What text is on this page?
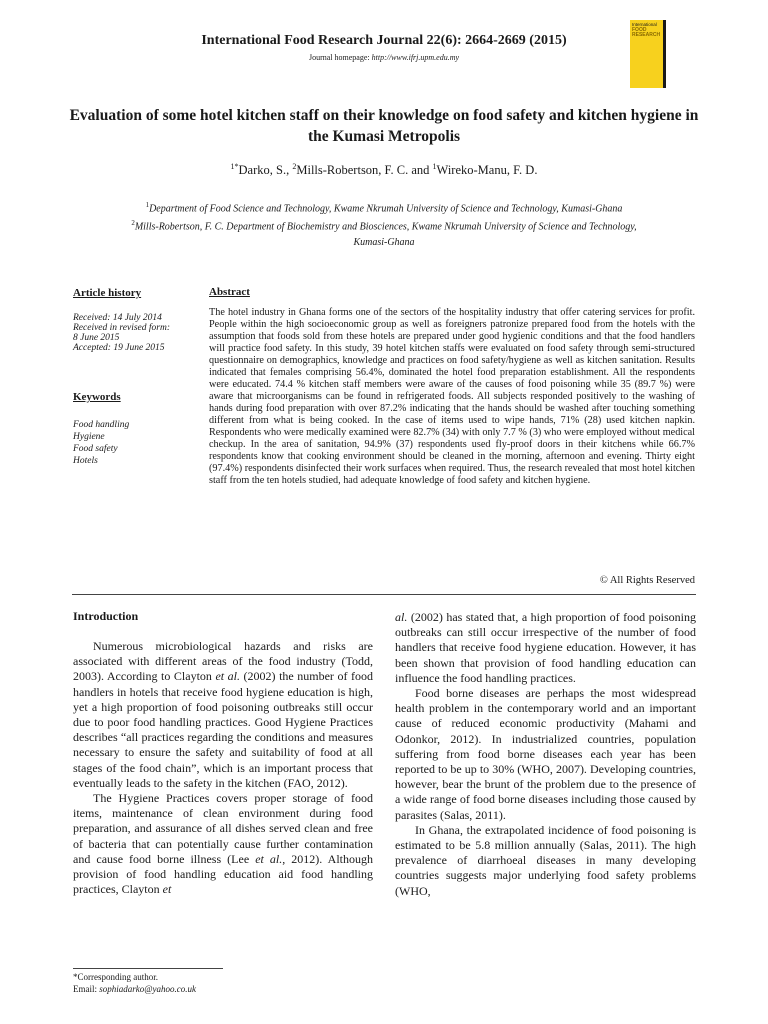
International Food Research Journal 22(6): 2664-2669 (2015)
Journal homepage: http://www.ifrj.upm.edu.my
International
FOOD RESEARCH
Evaluation of some hotel kitchen staff on their knowledge on food safety and kitchen hygiene in the Kumasi Metropolis
$^{1*}$Darko, S., $^2$Mills-Robertson, F. C. and $^1$Wireko-Manu, F. D.
$^1$Department of Food Science and Technology, Kwame Nkrumah University of Science and Technology, Kumasi-Ghana
$^2$Mills-Robertson, F. C. Department of Biochemistry and Biosciences, Kwame Nkrumah University of Science and Technology, Kumasi-Ghana
Article history
Received: 14 July 2014
Received in revised form:
8 June 2015
Accepted: 19 June 2015
Keywords
Food handling
Hygiene
Food safety
Hotels
Abstract
The hotel industry in Ghana forms one of the sectors of the hospitality industry that offer catering services for profit. People within the high socioeconomic group as well as foreigners patronize prepared food from the hotels with the assumption that foods sold from these hotels are prepared under good hygienic conditions and that the food handlers will practice food safety. In this study, 39 hotel kitchen staffs were evaluated on food safety through semi-structured questionnaire on demographics, knowledge and practices on food safety/hygiene as well as kitchen sanitation. Results indicated that females comprising 56.4%, dominated the hotel food preparation establishment. All the respondents were educated. 74.4 % kitchen staff members were aware of the causes of food poisoning while 35 (89.7 %) were aware that microorganisms can be found in refrigerated foods. All subjects responded positively to the washing of hands during food preparation with over 87.2% indicating that the hands should be washed after touching something different from what is being cooked. In the case of items used to wipe hands, 71% (28) used kitchen napkin. Respondents who were medically examined were 82.7% (34) with only 7.7 % (3) who were employed without medical checkup. In the area of sanitation, 94.9% (37) respondents used fly-proof doors in their kitchens while 66.7% respondents know that cooking environment should be cleaned in the morning, afternoon and evening. Thirty eight (97.4%) respondents disinfected their work surfaces when required. Thus, the research revealed that most hotel kitchen staff from the ten hotels studied, had adequate knowledge of food safety and kitchen hygiene.
© All Rights Reserved
Introduction

Numerous microbiological hazards and risks are associated with different areas of the food industry (Todd, 2003). According to Clayton et al. (2002) the number of food handlers in hotels that receive food hygiene education is high, yet a high proportion of food poisoning outbreaks still occur due to poor food handling practices. Good Hygiene Practices describes “all practices regarding the conditions and measures necessary to ensure the safety and suitability of food at all stages of the food chain”, which is an important process that eventually leads to the safety in the kitchen (FAO, 2012).

The Hygiene Practices covers proper storage of food items, maintenance of clean environment during food preparation, and assurance of all dishes served clean and free of bacteria that can potentially cause further contamination and cause food borne illness (Lee et al., 2012). Although provision of food handling education aid food handling practices, Clayton et

al. (2002) has stated that, a high proportion of food poisoning outbreaks can still occur irrespective of the number of food handlers that receive food hygiene education. However, it has been shown that provision of food handling education can influence the food handling practices.

Food borne diseases are perhaps the most widespread health problem in the contemporary world and an important cause of reduced economic productivity (Mahami and Odonkor, 2012). In industrialized countries, population suffering from food borne diseases each year has been reported to be up to 30% (WHO, 2007). Developing countries, however, bear the brunt of the problem due to the presence of a wide range of food borne diseases including those caused by parasites (Salas, 2011).

In Ghana, the extrapolated incidence of food poisoning is estimated to be 5.8 million annually (Salas, 2011). The high prevalence of diarrhoeal diseases in many developing countries suggests major underlying food safety problems (WHO,

*Corresponding author.
Email: sophiadarko@yahoo.co.uk
